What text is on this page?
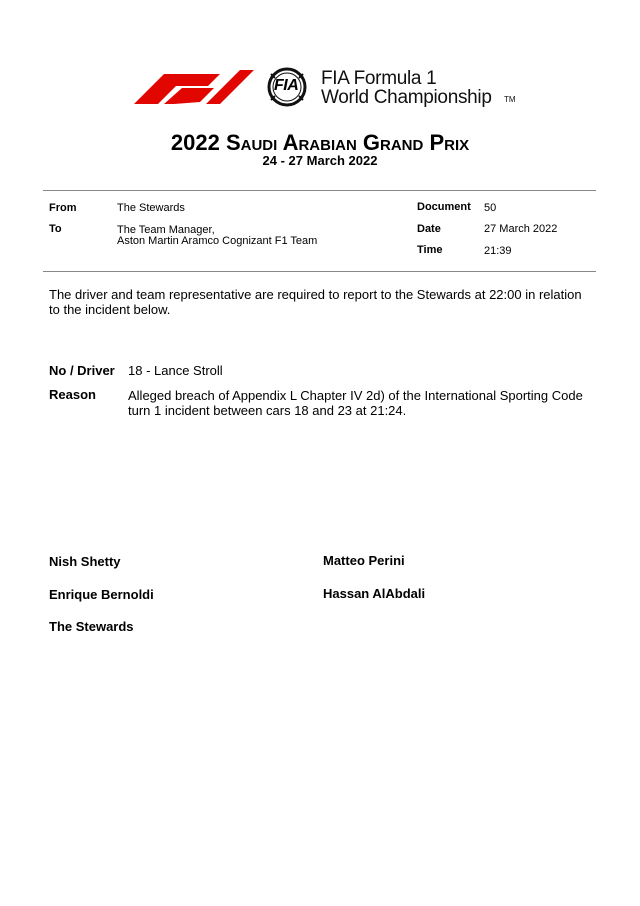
FIA FIA Formula 1
World Championship TM
2022 Saudi Arabian Grand Prix
24 - 27 March 2022
From	The Stewards
To	The Team Manager,
Aston Martin Aramco Cognizant F1 Team
Document 50
Date	27 March 2022
Time	21:39
The driver and team representative are required to report to the Stewards at 22:00 in relation to the incident below.
No / Driver 18 - Lance Stroll
Reason Alleged breach of Appendix L Chapter IV 2d) of the International Sporting Code turn 1 incident between cars 18 and 23 at 21:24.
Nish Shetty	Matteo Perini
Enrique Bernoldi	Hassan AlAbdali
The Stewards
